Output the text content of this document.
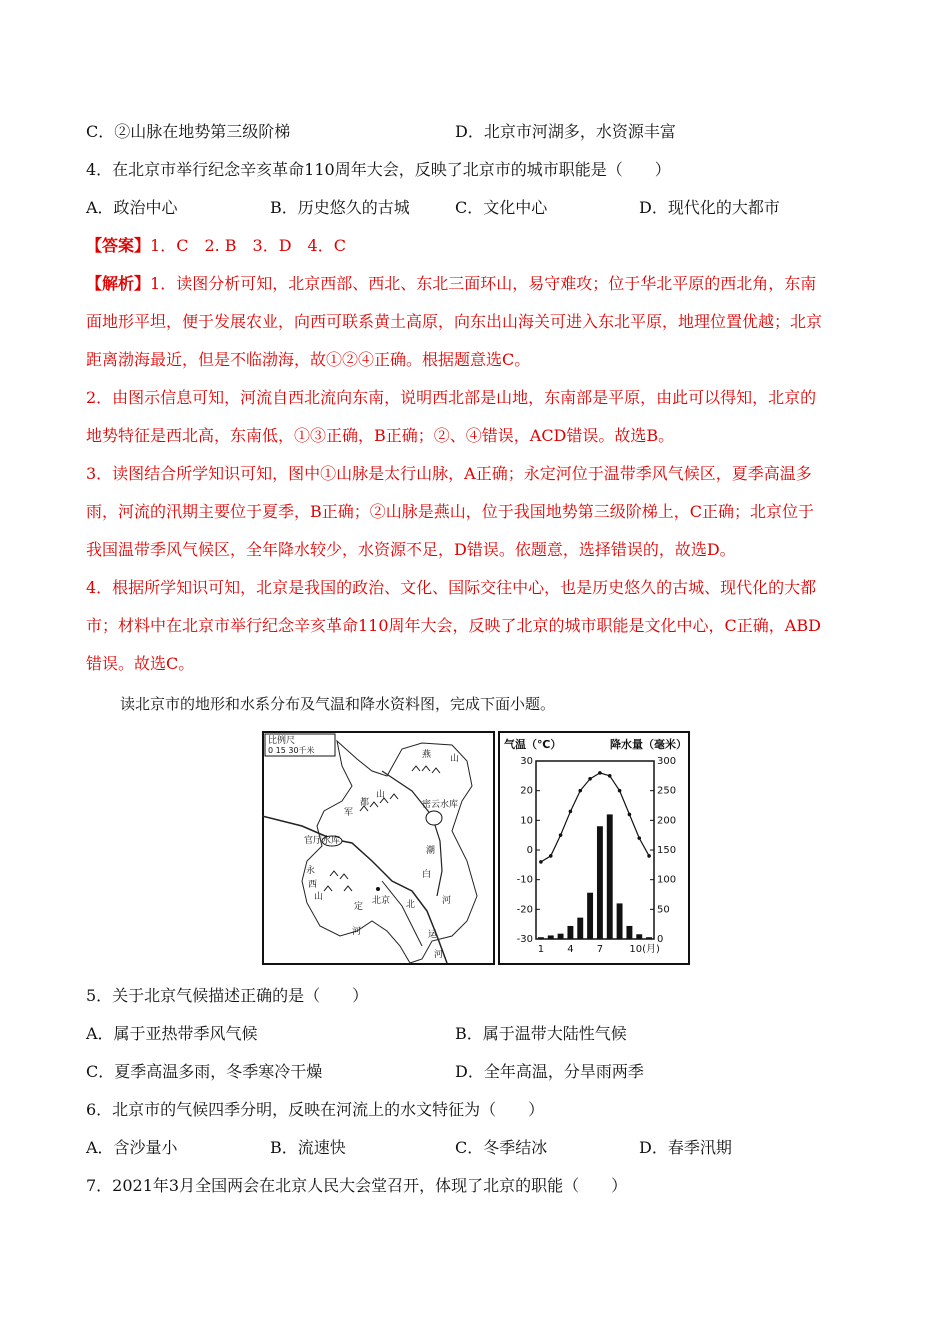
C．②山脉在地势第三级阶梯	D．北京市河湖多，水资源丰富
4．在北京市举行纪念辛亥革命110周年大会，反映了北京市的城市职能是（　　）
A．政治中心	B．历史悠久的古城	C．文化中心	D．现代化的大都市
【答案】1．C　2. B　3．D　4．C
【解析】1．读图分析可知，北京西部、西北、东北三面环山，易守难攻；位于华北平原的西北角，东南
面地形平坦，便于发展农业，向西可联系黄土高原，向东出山海关可进入东北平原，地理位置优越；北京
距离渤海最近，但是不临渤海，故①②④正确。根据题意选C。
2．由图示信息可知，河流自西北流向东南，说明西北部是山地，东南部是平原，由此可以得知，北京的
地势特征是西北高，东南低，①③正确，B正确；②、④错误，ACD错误。故选B。
3．读图结合所学知识可知，图中①山脉是太行山脉，A正确；永定河位于温带季风气候区，夏季高温多
雨，河流的汛期主要位于夏季，B正确；②山脉是燕山，位于我国地势第三级阶梯上，C正确；北京位于
我国温带季风气候区，全年降水较少，水资源不足，D错误。依题意，选择错误的，故选D。
4．根据所学知识可知，北京是我国的政治、文化、国际交往中心，也是历史悠久的古城、现代化的大都
市；材料中在北京市举行纪念辛亥革命110周年大会，反映了北京的城市职能是文化中心，C正确，ABD
错误。故选C。
读北京市的地形和水系分布及气温和降水资料图，完成下面小题。
比例尺
0 15 30千米	燕 山
密云水库
军
都
山
官厅水库
潮
白
河
永
西
山
定
河
北京 北
运
河
气温（℃）	降水量（毫米）
30
20
10
0
-10
-20
-30
300
250
200
150
100
50
0
1 4 7	10(月)
5．关于北京气候描述正确的是（　　）
A．属于亚热带季风气候	B．属于温带大陆性气候
C．夏季高温多雨，冬季寒冷干燥	D．全年高温，分旱雨两季
6．北京市的气候四季分明，反映在河流上的水文特征为（　　）
A．含沙量小	B．流速快	C．冬季结冰	D．春季汛期
7．2021年3月全国两会在北京人民大会堂召开，体现了北京的职能（　　）
